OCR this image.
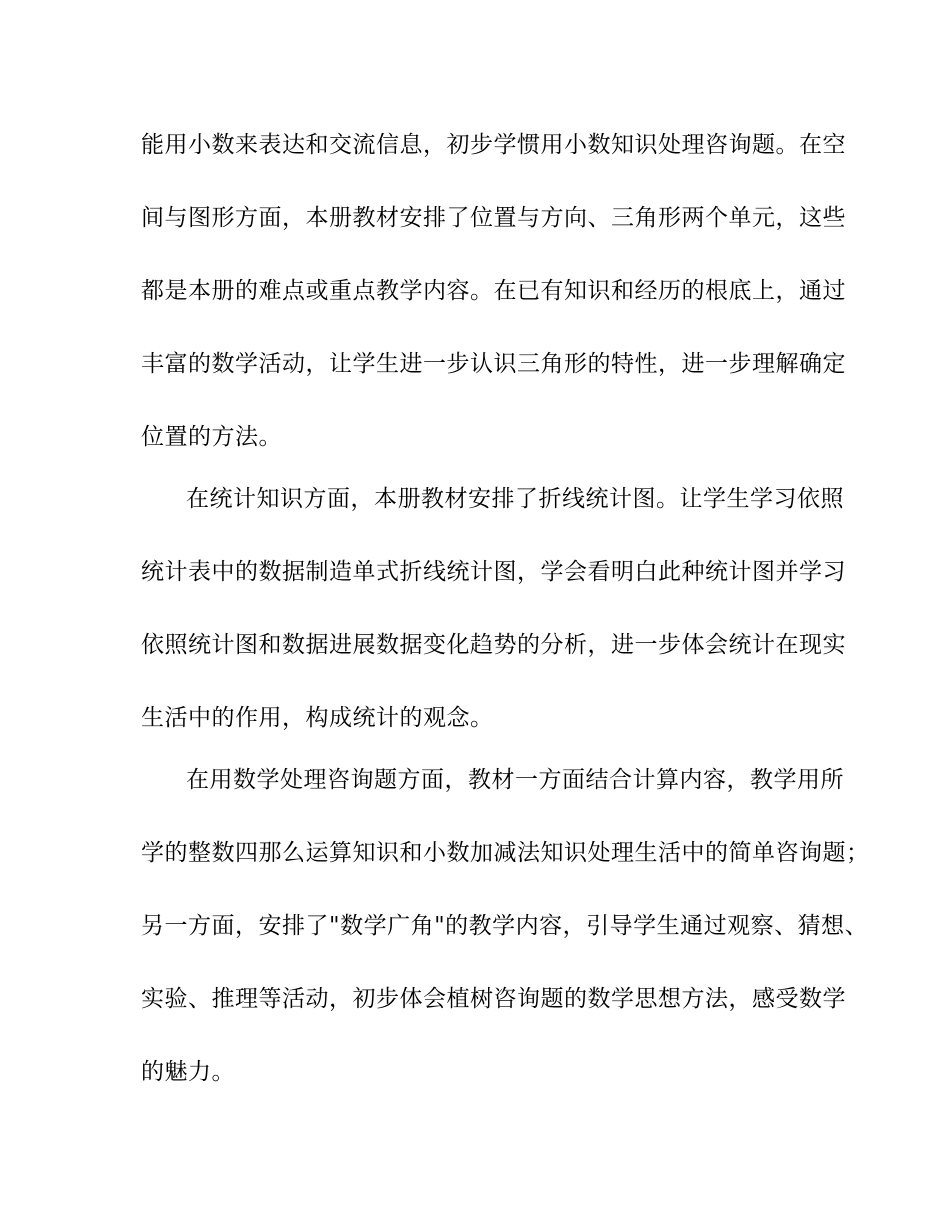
能用小数来表达和交流信息，初步学惯用小数知识处理咨询题。在空

间与图形方面，本册教材安排了位置与方向、三角形两个单元，这些

都是本册的难点或重点教学内容。在已有知识和经历的根底上，通过

丰富的数学活动，让学生进一步认识三角形的特性，进一步理解确定

位置的方法。

在统计知识方面，本册教材安排了折线统计图。让学生学习依照

统计表中的数据制造单式折线统计图，学会看明白此种统计图并学习

依照统计图和数据进展数据变化趋势的分析，进一步体会统计在现实

生活中的作用，构成统计的观念。

在用数学处理咨询题方面，教材一方面结合计算内容，教学用所

学的整数四那么运算知识和小数加减法知识处理生活中的简单咨询题；

另一方面，安排了"数学广角"的教学内容，引导学生通过观察、猜想、

实验、推理等活动，初步体会植树咨询题的数学思想方法，感受数学

的魅力。
